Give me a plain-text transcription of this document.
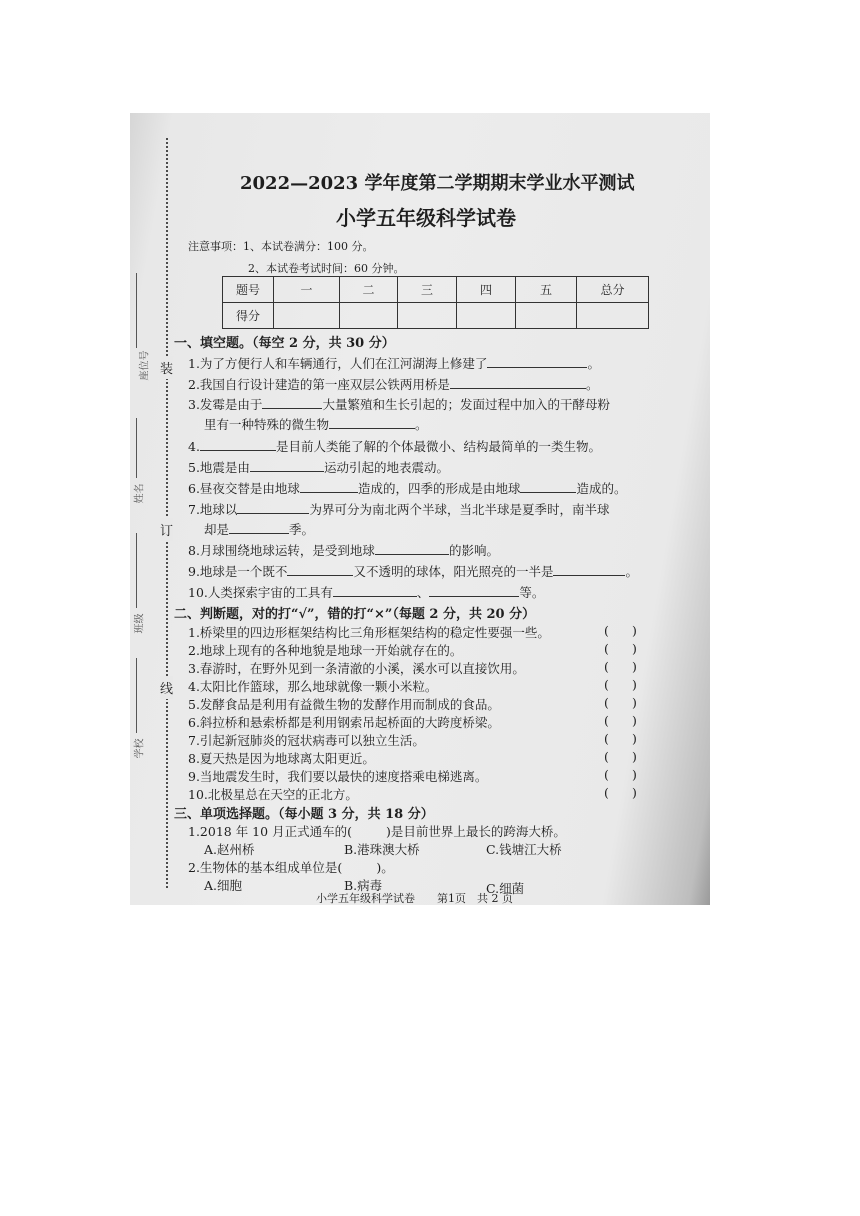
装
订
线
座位号
姓名
班级
学校
2022—2023 学年度第二学期期末学业水平测试
小学五年级科学试卷
注意事项：1、本试卷满分：100 分。
2、本试卷考试时间：60 分钟。
题号	一	二	三	四	五	总分
得分						
一、填空题。（每空 2 分，共 30 分）
1.为了方便行人和车辆通行，人们在江河湖海上修建了	。
2.我国自行设计建造的第一座双层公铁两用桥是	。
3.发霉是由于	大量繁殖和生长引起的；发面过程中加入的干酵母粉
里有一种特殊的微生物	。
4.	是目前人类能了解的个体最微小、结构最简单的一类生物。
5.地震是由	运动引起的地表震动。
6.昼夜交替是由地球	造成的，四季的形成是由地球	造成的。
7.地球以	为界可分为南北两个半球，当北半球是夏季时，南半球
却是	季。
8.月球围绕地球运转，是受到地球	的影响。
9.地球是一个既不	又不透明的球体，阳光照亮的一半是	。
10.人类探索宇宙的工具有	、	等。
二、判断题，对的打“√”，错的打“×”（每题 2 分，共 20 分）
1.桥梁里的四边形框架结构比三角形框架结构的稳定性要强一些。	( )
2.地球上现有的各种地貌是地球一开始就存在的。	( )
3.春游时，在野外见到一条清澈的小溪，溪水可以直接饮用。	( )
4.太阳比作篮球，那么地球就像一颗小米粒。	( )
5.发酵食品是利用有益微生物的发酵作用而制成的食品。	( )
6.斜拉桥和悬索桥都是利用钢索吊起桥面的大跨度桥梁。	( )
7.引起新冠肺炎的冠状病毒可以独立生活。	( )
8.夏天热是因为地球离太阳更近。	( )
9.当地震发生时，我们要以最快的速度搭乘电梯逃离。	( )
10.北极星总在天空的正北方。	( )
三、单项选择题。（每小题 3 分，共 18 分）
1.2018 年 10 月正式通车的(	)是目前世界上最长的跨海大桥。
A.赵州桥	B.港珠澳大桥	C.钱塘江大桥
2.生物体的基本组成单位是(	)。
A.细胞	B.病毒	C.细菌
小学五年级科学试卷　　第1页　共 2 页
